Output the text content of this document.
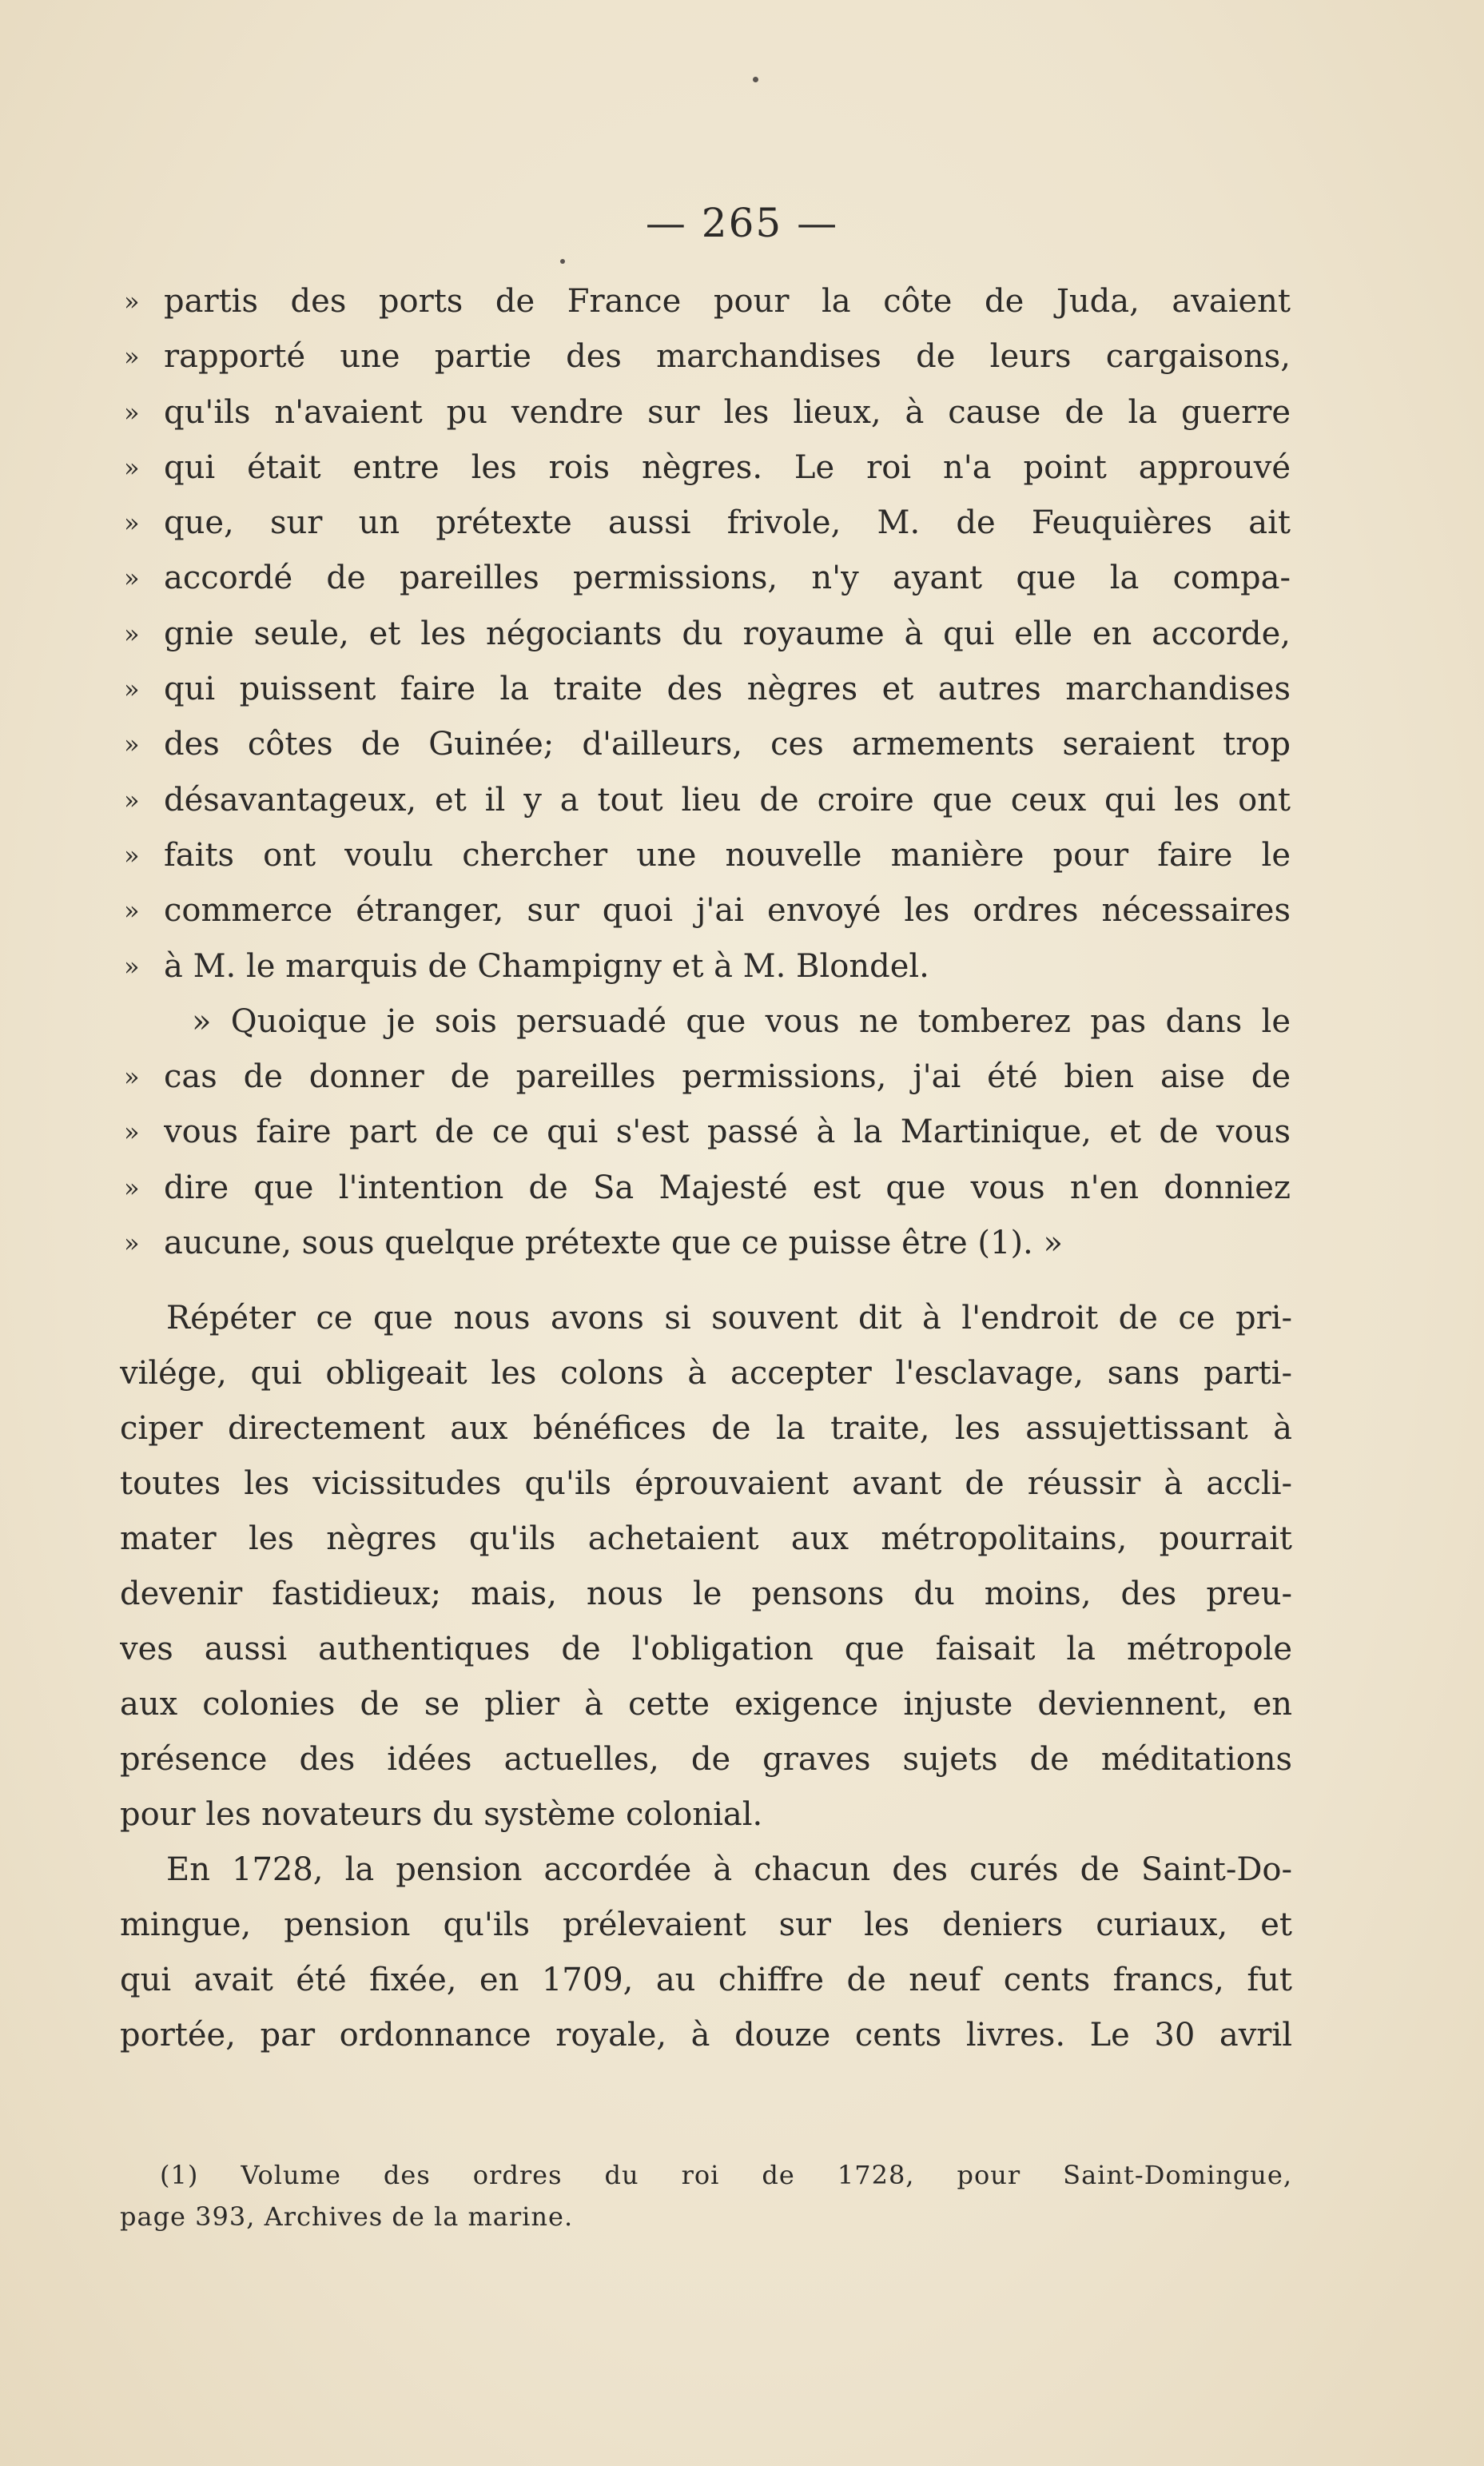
— 265 —
» partis des ports de France pour la côte de Juda, avaient
» rapporté une partie des marchandises de leurs cargaisons,
» qu'ils n'avaient pu vendre sur les lieux, à cause de la guerre
» qui était entre les rois nègres. Le roi n'a point approuvé
» que, sur un prétexte aussi frivole, M. de Feuquières ait
» accordé de pareilles permissions, n'y ayant que la compa-
» gnie seule, et les négociants du royaume à qui elle en accorde,
» qui puissent faire la traite des nègres et autres marchandises
» des côtes de Guinée; d'ailleurs, ces armements seraient trop
» désavantageux, et il y a tout lieu de croire que ceux qui les ont
» faits ont voulu chercher une nouvelle manière pour faire le
» commerce étranger, sur quoi j'ai envoyé les ordres nécessaires
» à M. le marquis de Champigny et à M. Blondel.
» Quoique je sois persuadé que vous ne tomberez pas dans le
» cas de donner de pareilles permissions, j'ai été bien aise de
» vous faire part de ce qui s'est passé à la Martinique, et de vous
» dire que l'intention de Sa Majesté est que vous n'en donniez
» aucune, sous quelque prétexte que ce puisse être (1). »
Répéter ce que nous avons si souvent dit à l'endroit de ce pri-
vilége, qui obligeait les colons à accepter l'esclavage, sans parti-
ciper directement aux bénéfices de la traite, les assujettissant à
toutes les vicissitudes qu'ils éprouvaient avant de réussir à accli-
mater les nègres qu'ils achetaient aux métropolitains, pourrait
devenir fastidieux; mais, nous le pensons du moins, des preu-
ves aussi authentiques de l'obligation que faisait la métropole
aux colonies de se plier à cette exigence injuste deviennent, en
présence des idées actuelles, de graves sujets de méditations
pour les novateurs du système colonial.
En 1728, la pension accordée à chacun des curés de Saint-Do-
mingue, pension qu'ils prélevaient sur les deniers curiaux, et
qui avait été fixée, en 1709, au chiffre de neuf cents francs, fut
portée, par ordonnance royale, à douze cents livres. Le 30 avril
(1) Volume des ordres du roi de 1728, pour Saint-Domingue,
page 393, Archives de la marine.
